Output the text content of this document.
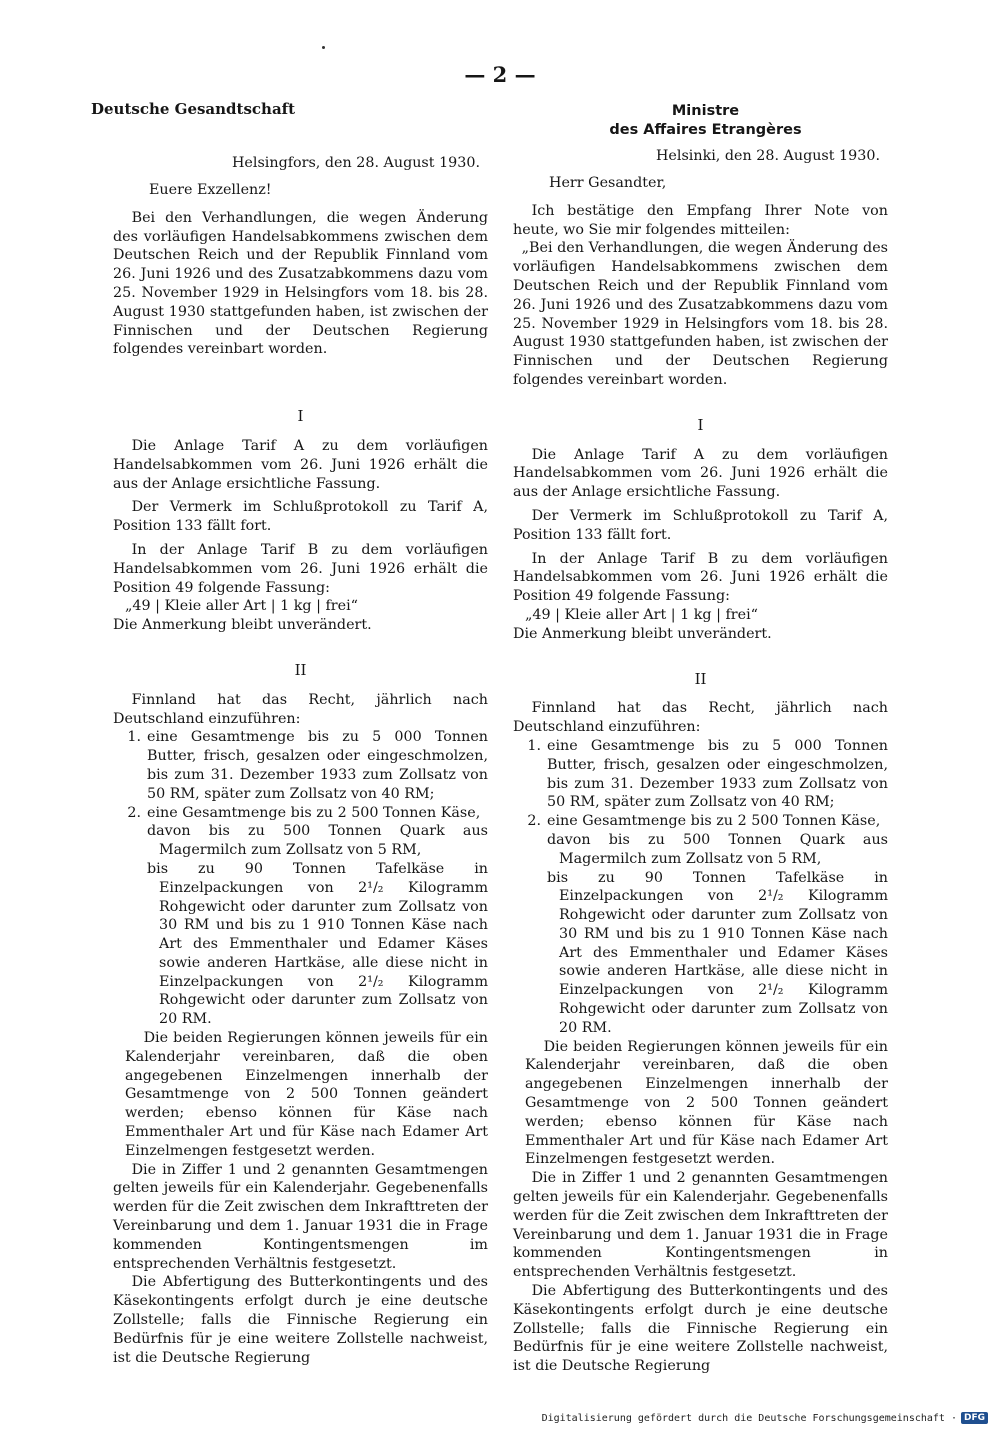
— 2 —
Deutsche Gesandtschaft
Helsingfors, den 28. August 1930.
Euere Exzellenz!

Bei den Verhandlungen, die wegen Änderung des vorläufigen Handelsabkommens zwischen dem Deutschen Reich und der Republik Finnland vom 26. Juni 1926 und des Zusatzabkommens dazu vom 25. November 1929 in Helsingfors vom 18. bis 28. August 1930 stattgefunden haben, ist zwischen der Finnischen und der Deutschen Regierung folgendes vereinbart worden.

I

Die Anlage Tarif A zu dem vorläufigen Handelsabkommen vom 26. Juni 1926 erhält die aus der Anlage ersichtliche Fassung.

Der Vermerk im Schlußprotokoll zu Tarif A, Position 133 fällt fort.

In der Anlage Tarif B zu dem vorläufigen Handelsabkommen vom 26. Juni 1926 erhält die Position 49 folgende Fassung:

„49 | Kleie aller Art | 1 kg | frei“

Die Anmerkung bleibt unverändert.

II

Finnland hat das Recht, jährlich nach Deutschland einzuführen:

1. eine Gesamtmenge bis zu 5 000 Tonnen Butter, frisch, gesalzen oder eingeschmolzen, bis zum 31. Dezember 1933 zum Zollsatz von 50 RM, später zum Zollsatz von 40 RM;
2. eine Gesamtmenge bis zu 2 500 Tonnen Käse,

davon bis zu 500 Tonnen Quark aus Magermilch zum Zollsatz von 5 RM,

bis zu 90 Tonnen Tafelkäse in Einzelpackungen von 2¹/₂ Kilogramm Rohgewicht oder darunter zum Zollsatz von 30 RM und bis zu 1 910 Tonnen Käse nach Art des Emmenthaler und Edamer Käses sowie anderen Hartkäse, alle diese nicht in Einzelpackungen von 2¹/₂ Kilogramm Rohgewicht oder darunter zum Zollsatz von 20 RM.

Die beiden Regierungen können jeweils für ein Kalenderjahr vereinbaren, daß die oben angegebenen Einzelmengen innerhalb der Gesamtmenge von 2 500 Tonnen geändert werden; ebenso können für Käse nach Emmenthaler Art und für Käse nach Edamer Art Einzelmengen festgesetzt werden.

Die in Ziffer 1 und 2 genannten Gesamtmengen gelten jeweils für ein Kalenderjahr. Gegebenenfalls werden für die Zeit zwischen dem Inkrafttreten der Vereinbarung und dem 1. Januar 1931 die in Frage kommenden Kontingentsmengen im entsprechenden Verhältnis festgesetzt.

Die Abfertigung des Butterkontingents und des Käsekontingents erfolgt durch je eine deutsche Zollstelle; falls die Finnische Regierung ein Bedürfnis für je eine weitere Zollstelle nachweist, ist die Deutsche Regierung

Ministre
des Affaires Etrangères
Helsinki, den 28. August 1930.
Herr Gesandter,

Ich bestätige den Empfang Ihrer Note von heute, wo Sie mir folgendes mitteilen:

„Bei den Verhandlungen, die wegen Änderung des vorläufigen Handelsabkommens zwischen dem Deutschen Reich und der Republik Finnland vom 26. Juni 1926 und des Zusatzabkommens dazu vom 25. November 1929 in Helsingfors vom 18. bis 28. August 1930 stattgefunden haben, ist zwischen der Finnischen und der Deutschen Regierung folgendes vereinbart worden.

I

Die Anlage Tarif A zu dem vorläufigen Handelsabkommen vom 26. Juni 1926 erhält die aus der Anlage ersichtliche Fassung.

Der Vermerk im Schlußprotokoll zu Tarif A, Position 133 fällt fort.

In der Anlage Tarif B zu dem vorläufigen Handelsabkommen vom 26. Juni 1926 erhält die Position 49 folgende Fassung:

„49 | Kleie aller Art | 1 kg | frei“

Die Anmerkung bleibt unverändert.

II

Finnland hat das Recht, jährlich nach Deutschland einzuführen:

1. eine Gesamtmenge bis zu 5 000 Tonnen Butter, frisch, gesalzen oder eingeschmolzen, bis zum 31. Dezember 1933 zum Zollsatz von 50 RM, später zum Zollsatz von 40 RM;
2. eine Gesamtmenge bis zu 2 500 Tonnen Käse,

davon bis zu 500 Tonnen Quark aus Magermilch zum Zollsatz von 5 RM,

bis zu 90 Tonnen Tafelkäse in Einzelpackungen von 2¹/₂ Kilogramm Rohgewicht oder darunter zum Zollsatz von 30 RM und bis zu 1 910 Tonnen Käse nach Art des Emmenthaler und Edamer Käses sowie anderen Hartkäse, alle diese nicht in Einzelpackungen von 2¹/₂ Kilogramm Rohgewicht oder darunter zum Zollsatz von 20 RM.

Die beiden Regierungen können jeweils für ein Kalenderjahr vereinbaren, daß die oben angegebenen Einzelmengen innerhalb der Gesamtmenge von 2 500 Tonnen geändert werden; ebenso können für Käse nach Emmenthaler Art und für Käse nach Edamer Art Einzelmengen festgesetzt werden.

Die in Ziffer 1 und 2 genannten Gesamtmengen gelten jeweils für ein Kalenderjahr. Gegebenenfalls werden für die Zeit zwischen dem Inkrafttreten der Vereinbarung und dem 1. Januar 1931 die in Frage kommenden Kontingentsmengen in entsprechenden Verhältnis festgesetzt.

Die Abfertigung des Butterkontingents und des Käsekontingents erfolgt durch je eine deutsche Zollstelle; falls die Finnische Regierung ein Bedürfnis für je eine weitere Zollstelle nachweist, ist die Deutsche Regierung

Digitalisierung gefördert durch die Deutsche Forschungsgemeinschaft · DFG
